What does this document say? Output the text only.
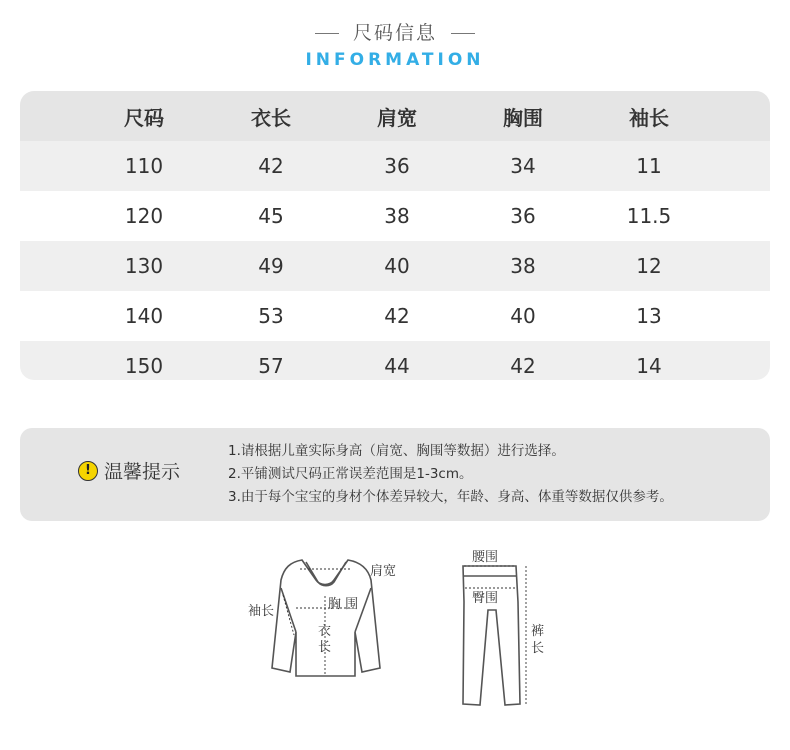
尺码信息
INFORMATION
尺码	衣长	肩宽	胸围	袖长
110	42	36	34	11
120	45	38	36	11.5
130	49	40	38	12
140	53	42	40	13
150	57	44	42	14
! 温馨提示
1.请根据儿童实际身高（肩宽、胸围等数据）进行选择。
2.平铺测试尺码正常误差范围是1-3cm。
3.由于每个宝宝的身材个体差异较大，年龄、身高、体重等数据仅供参考。
肩宽
胸 围
袖长
衣
长
腰围
臀围
裤
长
